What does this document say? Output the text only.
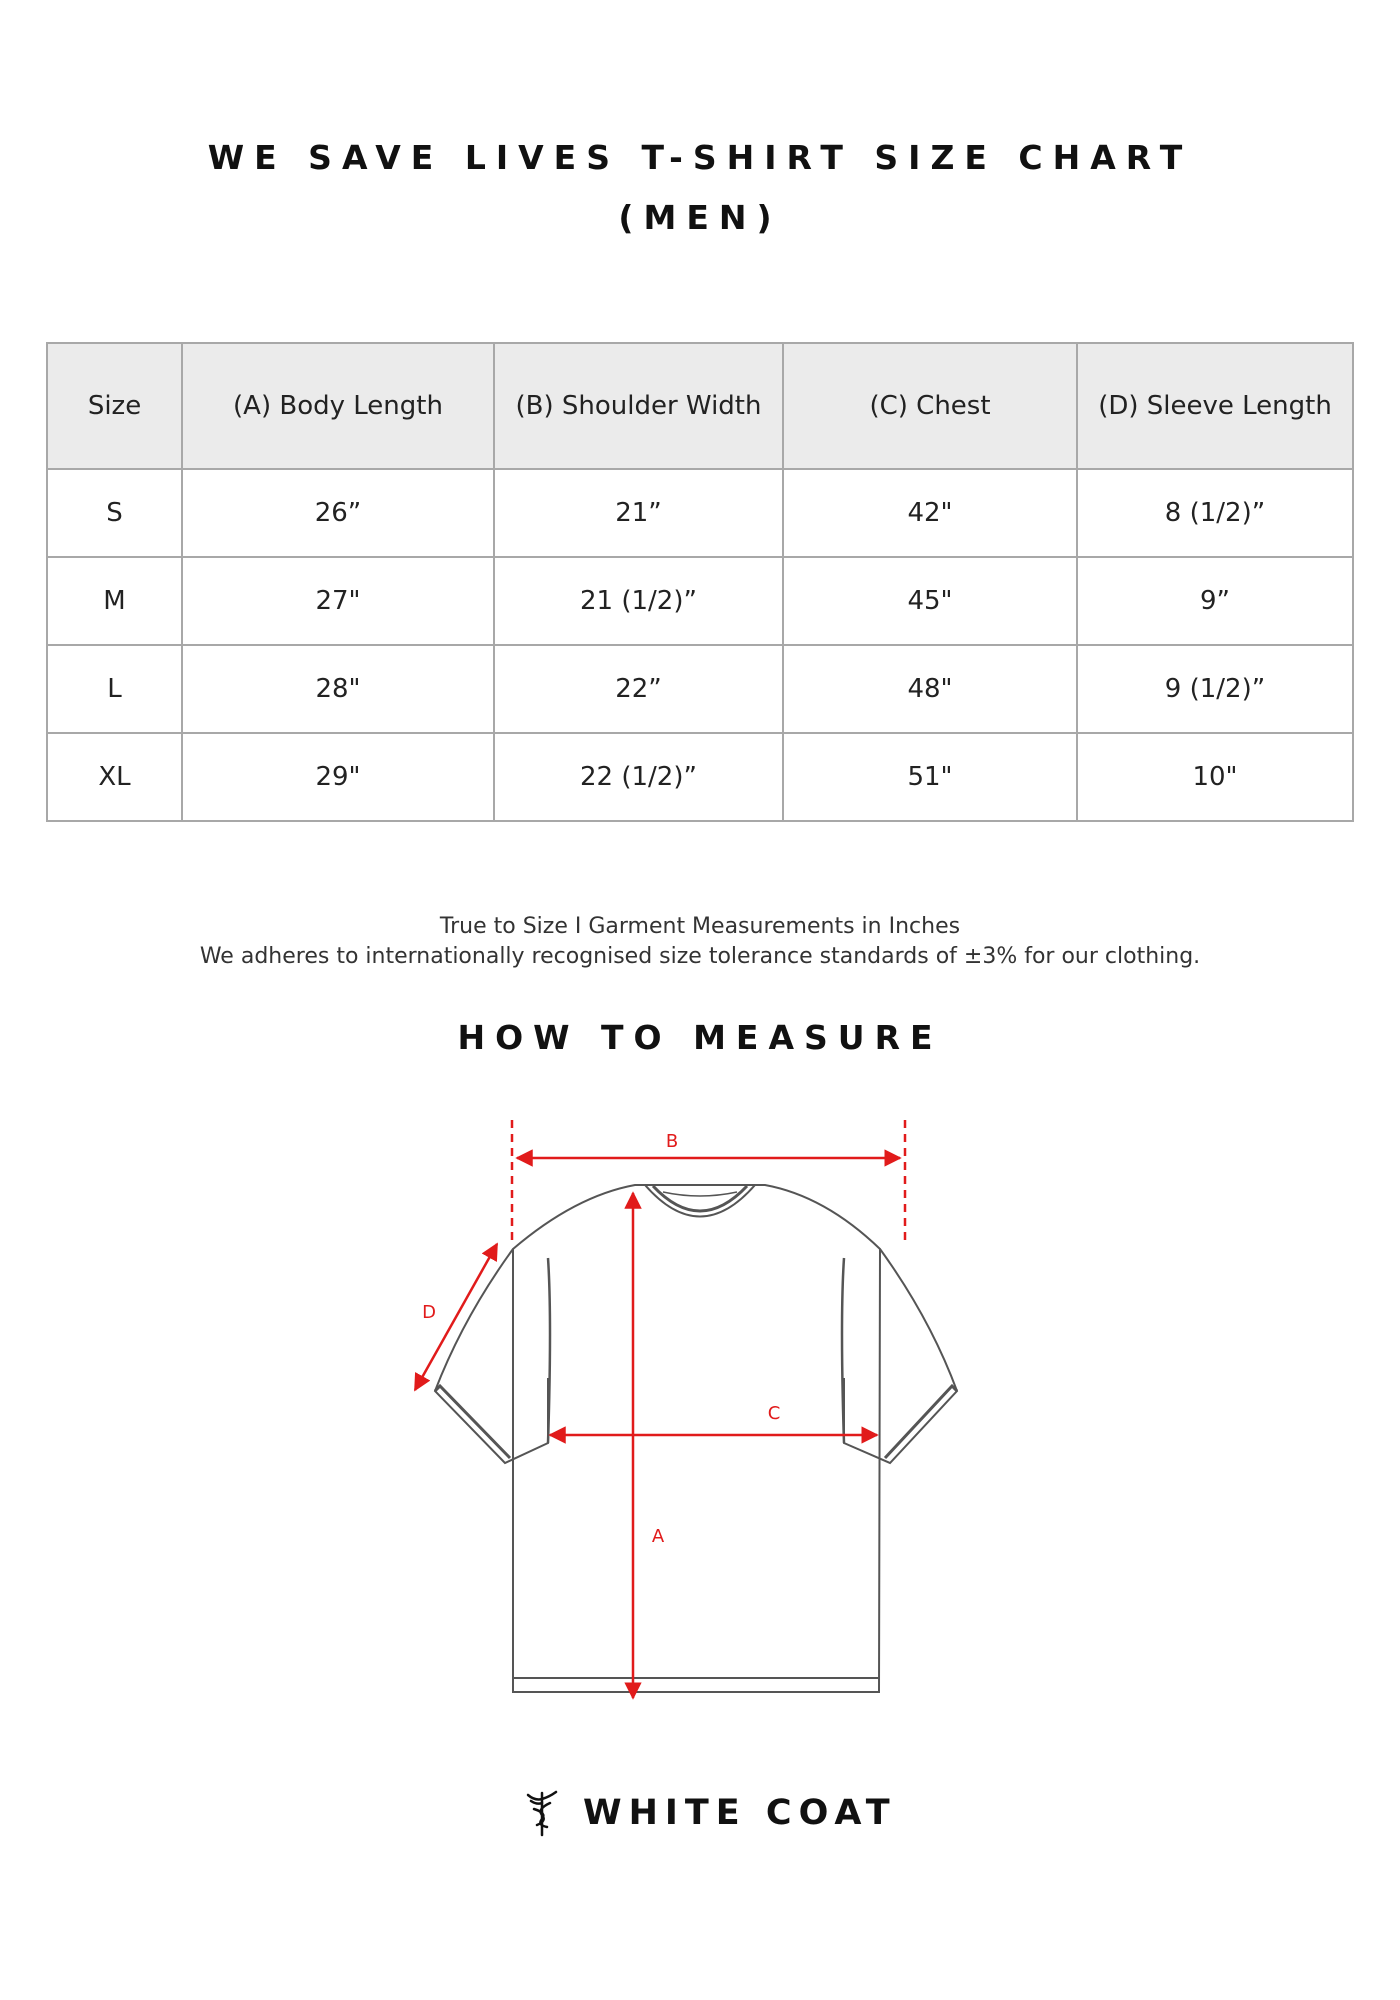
WE SAVE LIVES T-SHIRT SIZE CHART
(MEN)
Size	(A) Body Length	(B) Shoulder Width	(C) Chest	(D) Sleeve Length
S	26”	21”	42"	8 (1/2)”
M	27"	21 (1/2)”	45"	9”
L	28"	22”	48"	9 (1/2)”
XL	29"	22 (1/2)”	51"	10"
True to Size I Garment Measurements in Inches
We adheres to internationally recognised size tolerance standards of ±3% for our clothing.
HOW TO MEASURE
B
A
C
D
WHITE COAT
